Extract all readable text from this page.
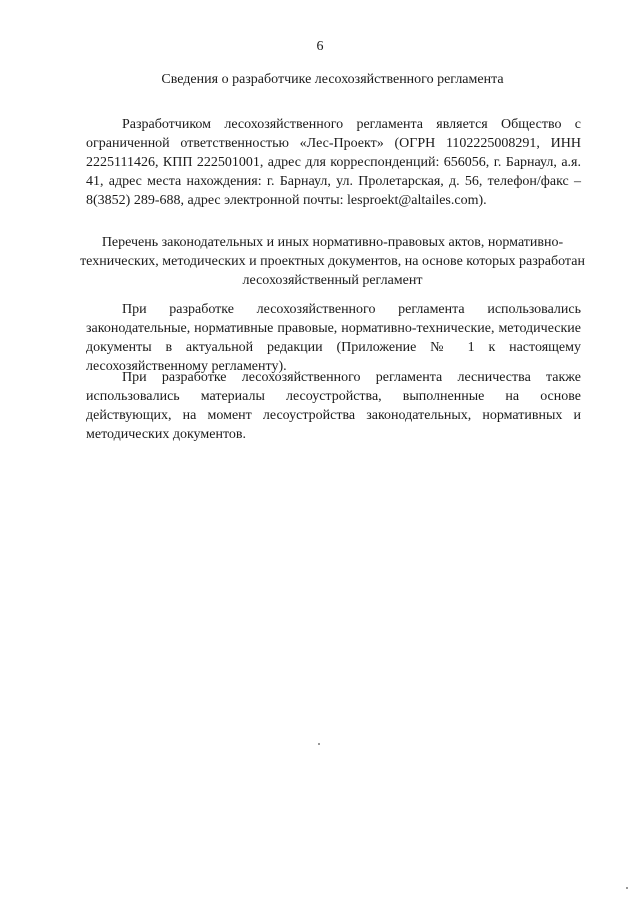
6
Сведения о разработчике лесохозяйственного регламента

Разработчиком лесохозяйственного регламента является Общество с ограниченной ответственностью «Лес-Проект» (ОГРН 1102225008291, ИНН 2225111426, КПП 222501001, адрес для корреспонденций: 656056, г. Барнаул, а.я. 41, адрес места нахождения: г. Барнаул, ул. Пролетарская, д. 56, телефон/факс – 8(3852) 289-688, адрес электронной почты: lesproekt@altailes.com).

Перечень законодательных и иных нормативно-правовых актов, нормативно-технических, методических и проектных документов, на основе которых разработан лесохозяйственный регламент

При разработке лесохозяйственного регламента использовались законодательные, нормативные правовые, нормативно-технические, методические документы в актуальной редакции (Приложение № 1 к настоящему лесохозяйственному регламенту).

При разработке лесохозяйственного регламента лесничества также использовались материалы лесоустройства, выполненные на основе действующих, на момент лесоустройства законодательных, нормативных и методических документов.
